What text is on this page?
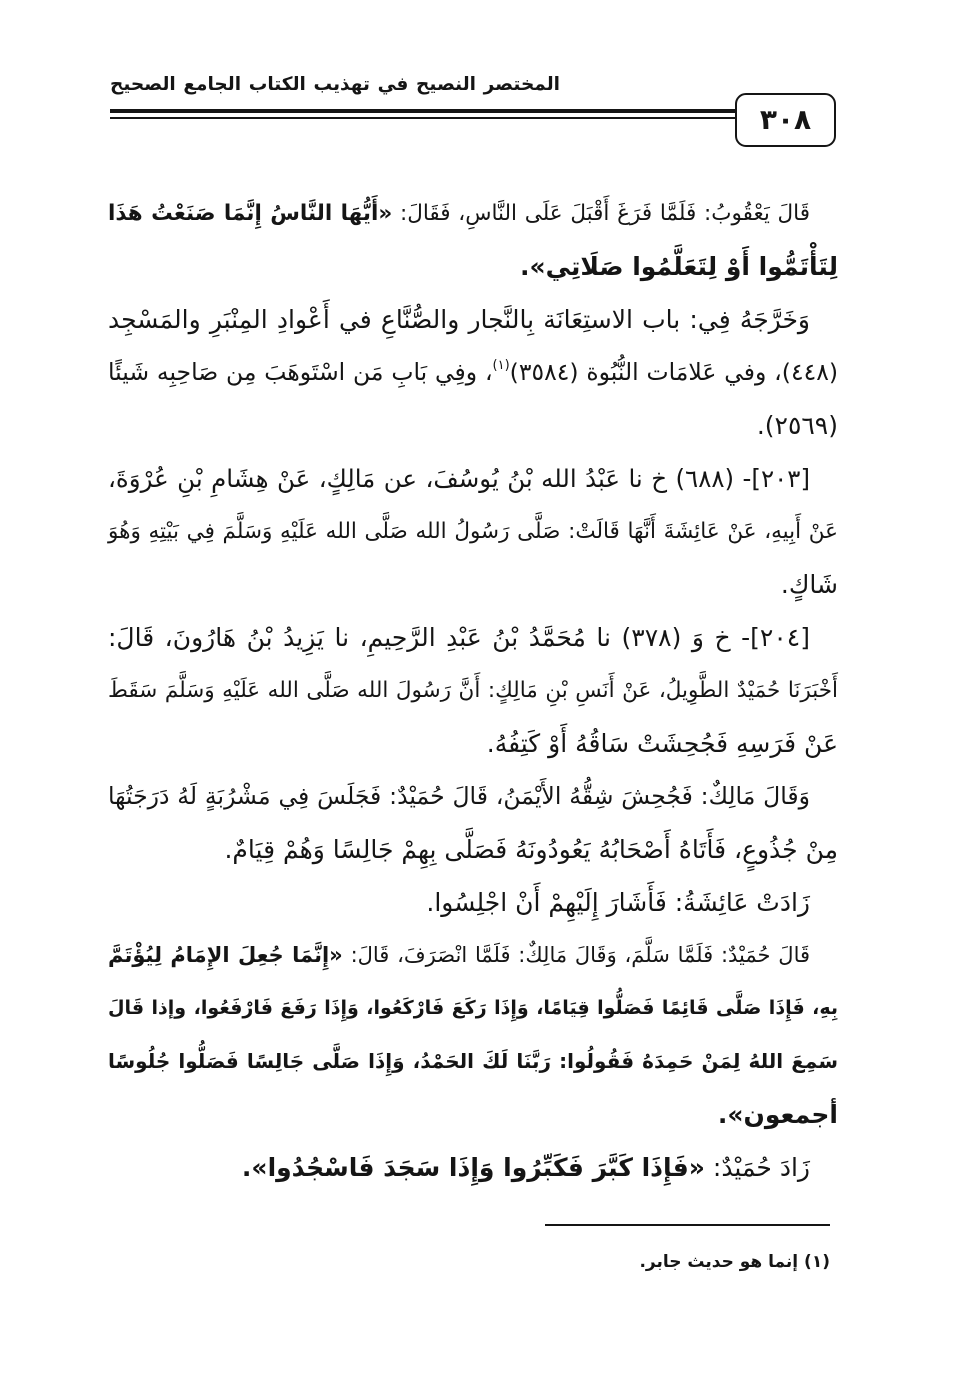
المختصر النصيح في تهذيب الكتاب الجامع الصحيح
٣٠٨
قَالَ يَعْقُوبُ: فَلَمَّا فَرَغَ أَقْبَلَ عَلَى النَّاسِ، فَقَالَ: «أَيُّهَا النَّاسُ إِنَّمَا صَنَعْتُ هَذَا
لِتَأْتَمُّوا أَوْ لِتَعَلَّمُوا صَلَاتِي».
وَخَرَّجَهُ فِي: باب الاستِعَانَة بِالنَّجار والصُّنَّاعِ في أَعْوادِ المِنْبَرِ والمَسْجِد
(٤٤٨)، وفي عَلامَات النُّبُوة (٣٥٨٤)$^{(١)}$، وفِي بَابِ مَن اسْتَوهَبَ مِن صَاحِبِه شَيئًا
(٢٥٦٩).
[٢٠٣]- (٦٨٨) خ نا عَبْدُ الله بْنُ يُوسُفَ، عن مَالِكٍ، عَنْ هِشَامِ بْنِ عُرْوَةَ،
عَنْ أَبِيهِ، عَنْ عَائِشَةَ أَنَّهَا قَالَتْ: صَلَّى رَسُولُ الله صَلَّى الله عَلَيْهِ وَسَلَّمَ فِي بَيْتِهِ وَهُوَ
شَاكٍ.
[٢٠٤]- خ وَ (٣٧٨) نا مُحَمَّدُ بْنُ عَبْدِ الرَّحِيمِ، نا يَزِيدُ بْنُ هَارُونَ، قَالَ:
أَخْبَرَنَا حُمَيْدٌ الطَّوِيلُ، عَنْ أَنَسِ بْنِ مَالِكٍ: أَنَّ رَسُولَ الله صَلَّى الله عَلَيْهِ وَسَلَّمَ سَقَطَ
عَنْ فَرَسِهِ فَجُحِشَتْ سَاقُهُ أَوْ كَتِفُهُ.
وَقَالَ مَالِكٌ: فَجُحِشَ شِقُّهُ الأَيْمَنُ، قَالَ حُمَيْدٌ: فَجَلَسَ فِي مَشْرُبَةٍ لَهُ دَرَجَتُهَا
مِنْ جُذُوعٍ، فَأَتَاهُ أَصْحَابُهُ يَعُودُونَهُ فَصَلَّى بِهِمْ جَالِسًا وَهُمْ قِيَامٌ.
زَادَتْ عَائِشَةُ: فَأَشَارَ إِلَيْهِمْ أَنْ اجْلِسُوا.
قَالَ حُمَيْدٌ: فَلَمَّا سَلَّمَ، وَقَالَ مَالِكٌ: فَلَمَّا انْصَرَفَ، قَالَ: «إِنَّمَا جُعِلَ الإِمَامُ لِيُؤْتَمَّ
بِهِ، فَإِذَا صَلَّى قَائِمًا فَصَلُّوا قِيَامًا، وَإِذَا رَكَعَ فَارْكَعُوا، وَإِذَا رَفَعَ فَارْفَعُوا، وإذا قَالَ
سَمِعَ اللهُ لِمَنْ حَمِدَهُ فَقُولُوا: رَبَّنَا لَكَ الحَمْدُ، وَإِذَا صَلَّى جَالِسًا فَصَلُّوا جُلُوسًا
أجمعون».
زَادَ حُمَيْدٌ: «فَإِذَا كَبَّرَ فَكَبِّرُوا وَإِذَا سَجَدَ فَاسْجُدُوا».
(١) إنما هو حديث جابر.
